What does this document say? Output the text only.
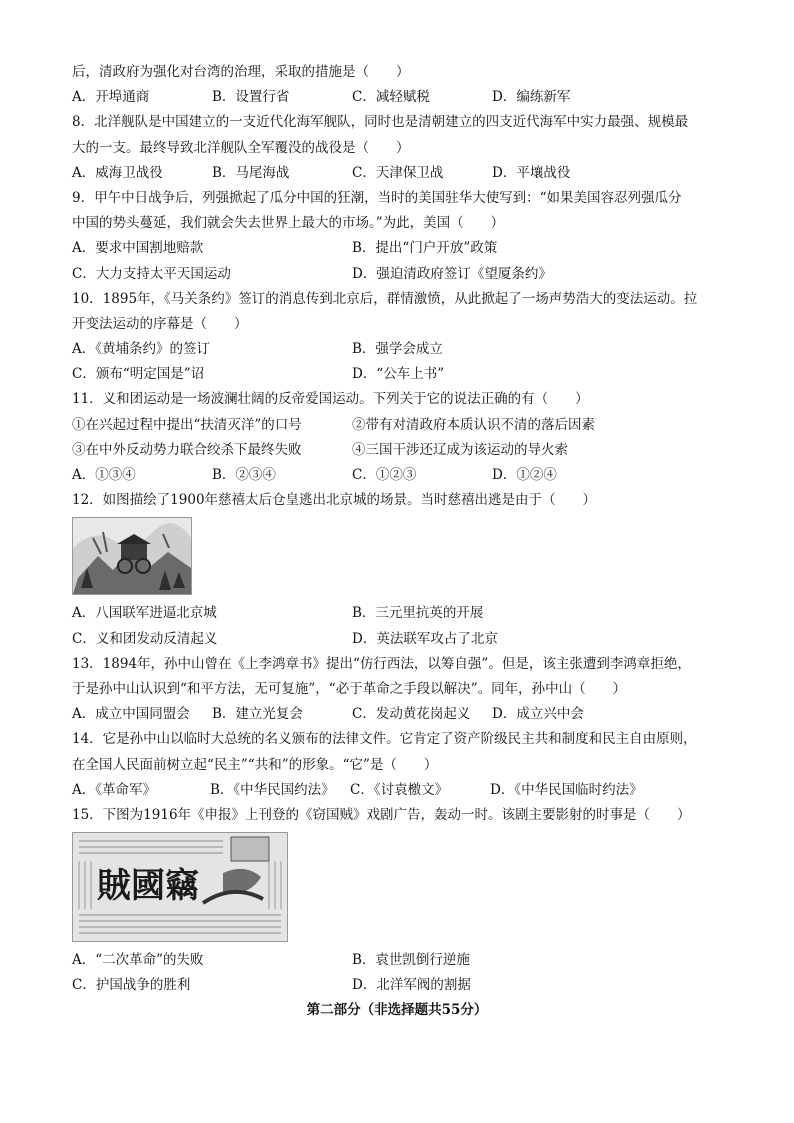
后，清政府为强化对台湾的治理，采取的措施是（　　）
A．开埠通商	B．设置行省	C．减轻赋税	D．编练新军
8．北洋舰队是中国建立的一支近代化海军舰队，同时也是清朝建立的四支近代海军中实力最强、规模最
大的一支。最终导致北洋舰队全军覆没的战役是（　　）
A．威海卫战役	B．马尾海战	C．天津保卫战	D．平壤战役
9．甲午中日战争后，列强掀起了瓜分中国的狂潮，当时的美国驻华大使写到：“如果美国容忍列强瓜分
中国的势头蔓延，我们就会失去世界上最大的市场。”为此，美国（　　）
A．要求中国割地赔款	B．提出“门户开放”政策
C．大力支持太平天国运动	D．强迫清政府签订《望厦条约》
10．1895年，《马关条约》签订的消息传到北京后，群情激愤，从此掀起了一场声势浩大的变法运动。拉
开变法运动的序幕是（　　）
A．《黄埔条约》的签订	B．强学会成立
C．颁布“明定国是”诏	D．“公车上书”
11．义和团运动是一场波澜壮阔的反帝爱国运动。下列关于它的说法正确的有（　　）
①在兴起过程中提出“扶清灭洋”的口号	②带有对清政府本质认识不清的落后因素
③在中外反动势力联合绞杀下最终失败	④三国干涉还辽成为该运动的导火索
A．①③④	B．②③④	C．①②③	D．①②④
12．如图描绘了1900年慈禧太后仓皇逃出北京城的场景。当时慈禧出逃是由于（　　）
A．八国联军进逼北京城	B．三元里抗英的开展
C．义和团发动反清起义	D．英法联军攻占了北京
13．1894年，孙中山曾在《上李鸿章书》提出“仿行西法，以筹自强”。但是，该主张遭到李鸿章拒绝，
于是孙中山认识到“和平方法，无可复施”，“必于革命之手段以解决”。同年，孙中山（　　）
A．成立中国同盟会	B．建立光复会	C．发动黄花岗起义	D．成立兴中会
14．它是孙中山以临时大总统的名义颁布的法律文件。它肯定了资产阶级民主共和制度和民主自由原则，
在全国人民面前树立起“民主”“共和”的形象。“它”是（　　）
A．《革命军》	B．《中华民国约法》	C．《讨袁檄文》	D．《中华民国临时约法》
15．下图为1916年《申报》上刊登的《窃国贼》戏剧广告，轰动一时。该剧主要影射的时事是（　　）
賊國竊
A．“二次革命”的失败	B．袁世凯倒行逆施
C．护国战争的胜利	D．北洋军阀的割据
第二部分（非选择题共55分）
